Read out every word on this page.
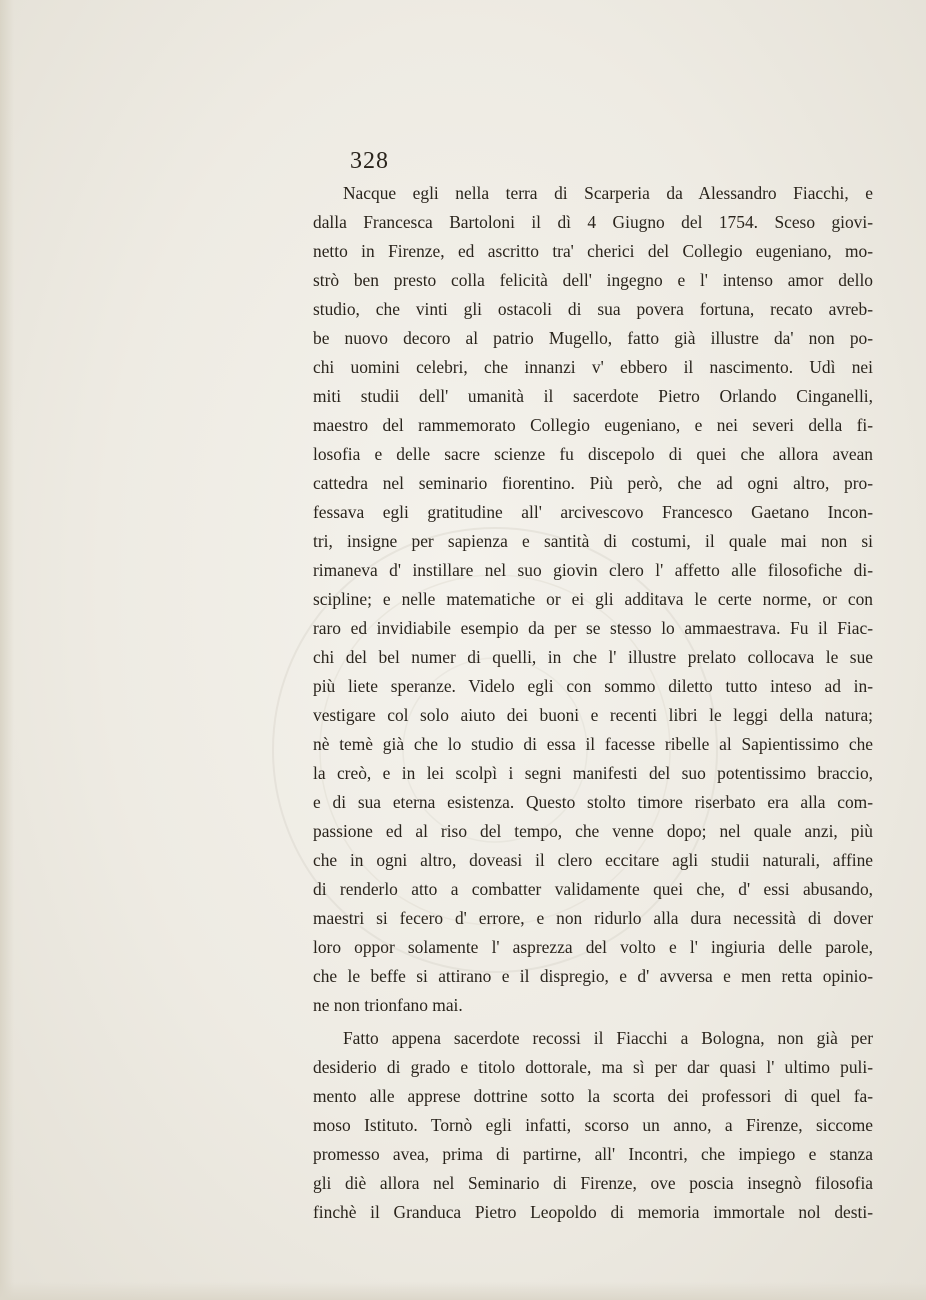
328
Nacque egli nella terra di Scarperia da Alessandro Fiacchi, e
dalla Francesca Bartoloni il dì 4 Giugno del 1754. Sceso giovi-
netto in Firenze, ed ascritto tra' cherici del Collegio eugeniano, mo-
strò ben presto colla felicità dell' ingegno e l' intenso amor dello
studio, che vinti gli ostacoli di sua povera fortuna, recato avreb-
be nuovo decoro al patrio Mugello, fatto già illustre da' non po-
chi uomini celebri, che innanzi v' ebbero il nascimento. Udì nei
miti studii dell' umanità il sacerdote Pietro Orlando Cinganelli,
maestro del rammemorato Collegio eugeniano, e nei severi della fi-
losofia e delle sacre scienze fu discepolo di quei che allora avean
cattedra nel seminario fiorentino. Più però, che ad ogni altro, pro-
fessava egli gratitudine all' arcivescovo Francesco Gaetano Incon-
tri, insigne per sapienza e santità di costumi, il quale mai non si
rimaneva d' instillare nel suo giovin clero l' affetto alle filosofiche di-
scipline; e nelle matematiche or ei gli additava le certe norme, or con
raro ed invidiabile esempio da per se stesso lo ammaestrava. Fu il Fiac-
chi del bel numer di quelli, in che l' illustre prelato collocava le sue
più liete speranze. Videlo egli con sommo diletto tutto inteso ad in-
vestigare col solo aiuto dei buoni e recenti libri le leggi della natura;
nè temè già che lo studio di essa il facesse ribelle al Sapientissimo che
la creò, e in lei scolpì i segni manifesti del suo potentissimo braccio,
e di sua eterna esistenza. Questo stolto timore riserbato era alla com-
passione ed al riso del tempo, che venne dopo; nel quale anzi, più
che in ogni altro, doveasi il clero eccitare agli studii naturali, affine
di renderlo atto a combatter validamente quei che, d' essi abusando,
maestri si fecero d' errore, e non ridurlo alla dura necessità di dover
loro oppor solamente l' asprezza del volto e l' ingiuria delle parole,
che le beffe si attirano e il dispregio, e d' avversa e men retta opinio-
ne non trionfano mai.
Fatto appena sacerdote recossi il Fiacchi a Bologna, non già per
desiderio di grado e titolo dottorale, ma sì per dar quasi l' ultimo puli-
mento alle apprese dottrine sotto la scorta dei professori di quel fa-
moso Istituto. Tornò egli infatti, scorso un anno, a Firenze, siccome
promesso avea, prima di partirne, all' Incontri, che impiego e stanza
gli diè allora nel Seminario di Firenze, ove poscia insegnò filosofia
finchè il Granduca Pietro Leopoldo di memoria immortale nol desti-
